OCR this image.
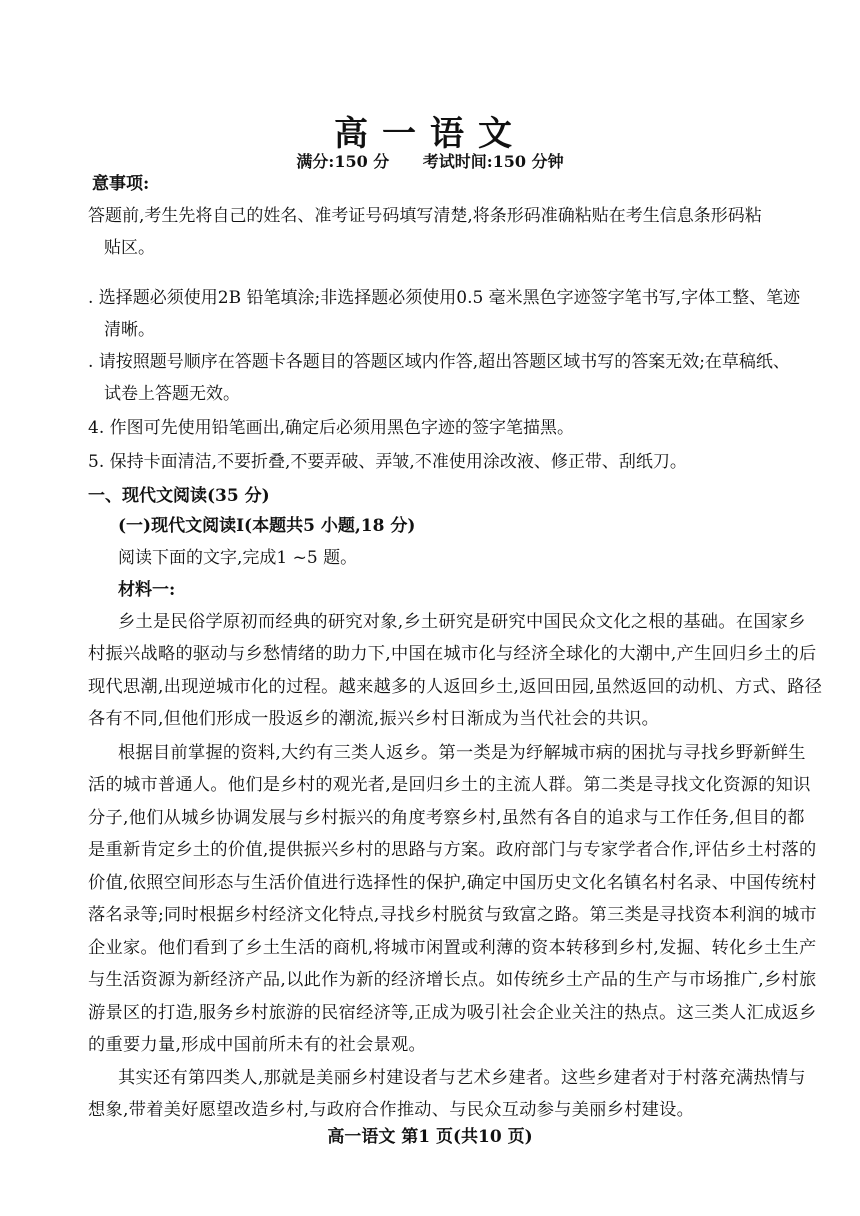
高一语文
满分:150 分      考试时间:150 分钟
意事项:
答题前,考生先将自己的姓名、准考证号码填写清楚,将条形码准确粘贴在考生信息条形码粘
贴区。
. 选择题必须使用2B 铅笔填涂;非选择题必须使用0.5 毫米黑色字迹签字笔书写,字体工整、笔迹
清晰。
. 请按照题号顺序在答题卡各题目的答题区域内作答,超出答题区域书写的答案无效;在草稿纸、
试卷上答题无效。
4. 作图可先使用铅笔画出,确定后必须用黑色字迹的签字笔描黑。
5. 保持卡面清洁,不要折叠,不要弄破、弄皱,不准使用涂改液、修正带、刮纸刀。
一、现代文阅读(35 分)
(一)现代文阅读Ⅰ(本题共5 小题,18 分)
阅读下面的文字,完成1 ~5 题。
材料一:
乡土是民俗学原初而经典的研究对象,乡土研究是研究中国民众文化之根的基础。在国家乡
村振兴战略的驱动与乡愁情绪的助力下,中国在城市化与经济全球化的大潮中,产生回归乡土的后
现代思潮,出现逆城市化的过程。越来越多的人返回乡土,返回田园,虽然返回的动机、方式、路径
各有不同,但他们形成一股返乡的潮流,振兴乡村日渐成为当代社会的共识。
根据目前掌握的资料,大约有三类人返乡。第一类是为纾解城市病的困扰与寻找乡野新鲜生
活的城市普通人。他们是乡村的观光者,是回归乡土的主流人群。第二类是寻找文化资源的知识
分子,他们从城乡协调发展与乡村振兴的角度考察乡村,虽然有各自的追求与工作任务,但目的都
是重新肯定乡土的价值,提供振兴乡村的思路与方案。政府部门与专家学者合作,评估乡土村落的
价值,依照空间形态与生活价值进行选择性的保护,确定中国历史文化名镇名村名录、中国传统村
落名录等;同时根据乡村经济文化特点,寻找乡村脱贫与致富之路。第三类是寻找资本利润的城市
企业家。他们看到了乡土生活的商机,将城市闲置或利薄的资本转移到乡村,发掘、转化乡土生产
与生活资源为新经济产品,以此作为新的经济增长点。如传统乡土产品的生产与市场推广,乡村旅
游景区的打造,服务乡村旅游的民宿经济等,正成为吸引社会企业关注的热点。这三类人汇成返乡
的重要力量,形成中国前所未有的社会景观。
其实还有第四类人,那就是美丽乡村建设者与艺术乡建者。这些乡建者对于村落充满热情与
想象,带着美好愿望改造乡村,与政府合作推动、与民众互动参与美丽乡村建设。
高一语文 第1 页(共10 页)
